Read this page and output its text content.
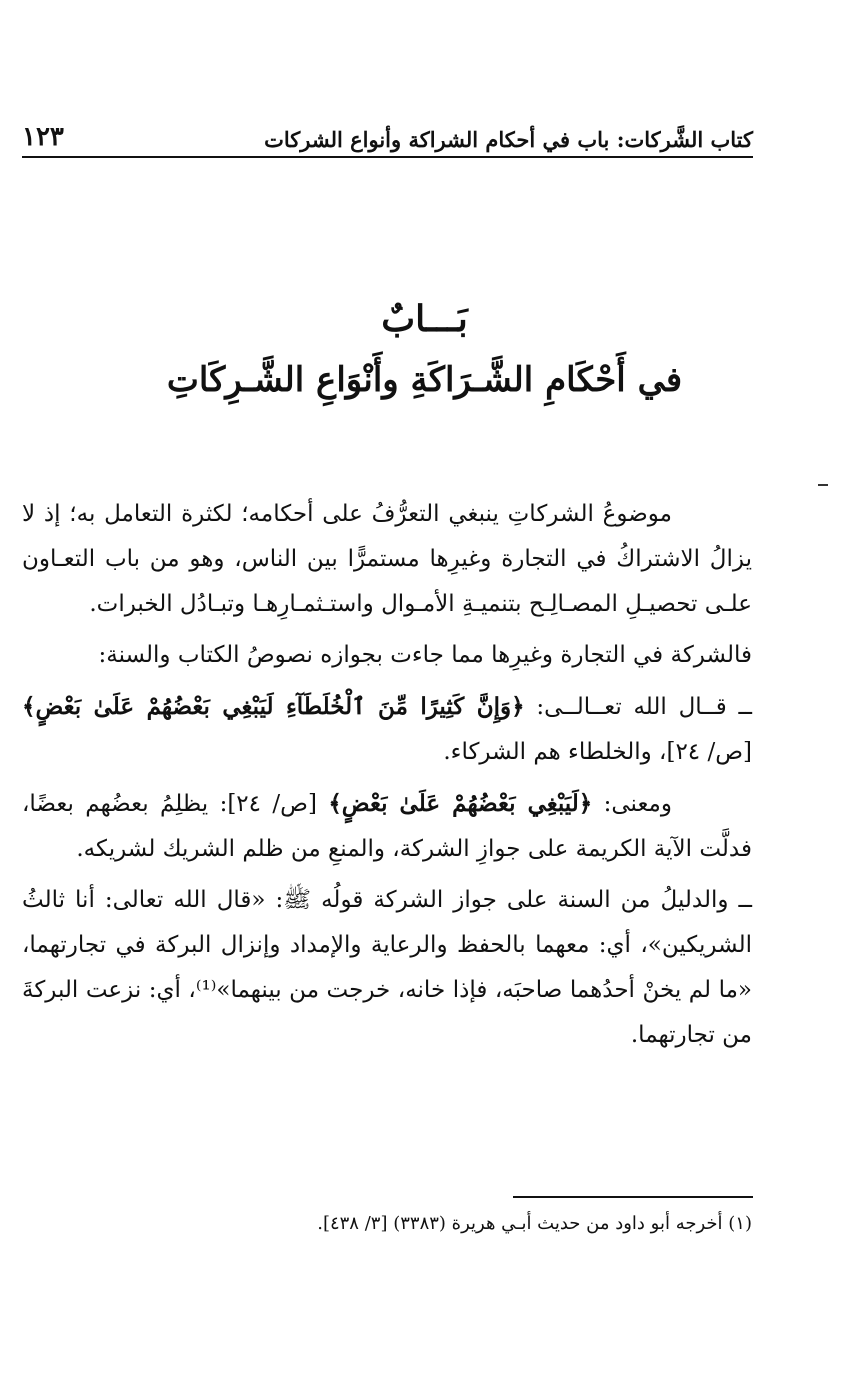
١٢٣	كتاب الشَّركات: باب في أحكام الشراكة وأنواع الشركات
بَـــابٌ
في أَحْكَامِ الشَّـرَاكَةِ وأَنْوَاعِ الشَّـرِكَاتِ

موضوعُ الشركاتِ ينبغي التعرُّفُ على أحكامه؛ لكثرة التعامل به؛ إذ لا يزالُ الاشتراكُ في التجارة وغيرِها مستمرًّا بين الناس، وهو من باب التعـاون علـى تحصيـلِ المصـالِـح بتنميـةِ الأمـوال واستـثمـارِهـا وتبـادُل الخبرات.

فالشركة في التجارة وغيرِها مما جاءت بجوازه نصوصُ الكتاب والسنة:

ــ قــال الله تعــالــى: ﴿وَإِنَّ كَثِيرًا مِّنَ ٱلْخُلَطَآءِ لَيَبْغِي بَعْضُهُمْ عَلَىٰ بَعْضٍ﴾ [ص/ ٢٤]، والخلطاء هم الشركاء.

ومعنى: ﴿لَيَبْغِي بَعْضُهُمْ عَلَىٰ بَعْضٍ﴾ [ص/ ٢٤]: يظلِمُ بعضُهم بعضًا، فدلَّت الآية الكريمة على جوازِ الشركة، والمنعِ من ظلم الشريك لشريكه.

ــ والدليلُ من السنة على جواز الشركة قولُه ﷺ: «قال الله تعالى: أنا ثالثُ الشريكين»، أي: معهما بالحفظ والرعاية والإمداد وإنزال البركة في تجارتهما، «ما لم يخنْ أحدُهما صاحبَه، فإذا خانه، خرجت من بينهما»⁽¹⁾، أي: نزعت البركةَ من تجارتهما.

(١) أخرجه أبو داود من حديث أبـي هريرة (٣٣٨٣) [٣/ ٤٣٨].
